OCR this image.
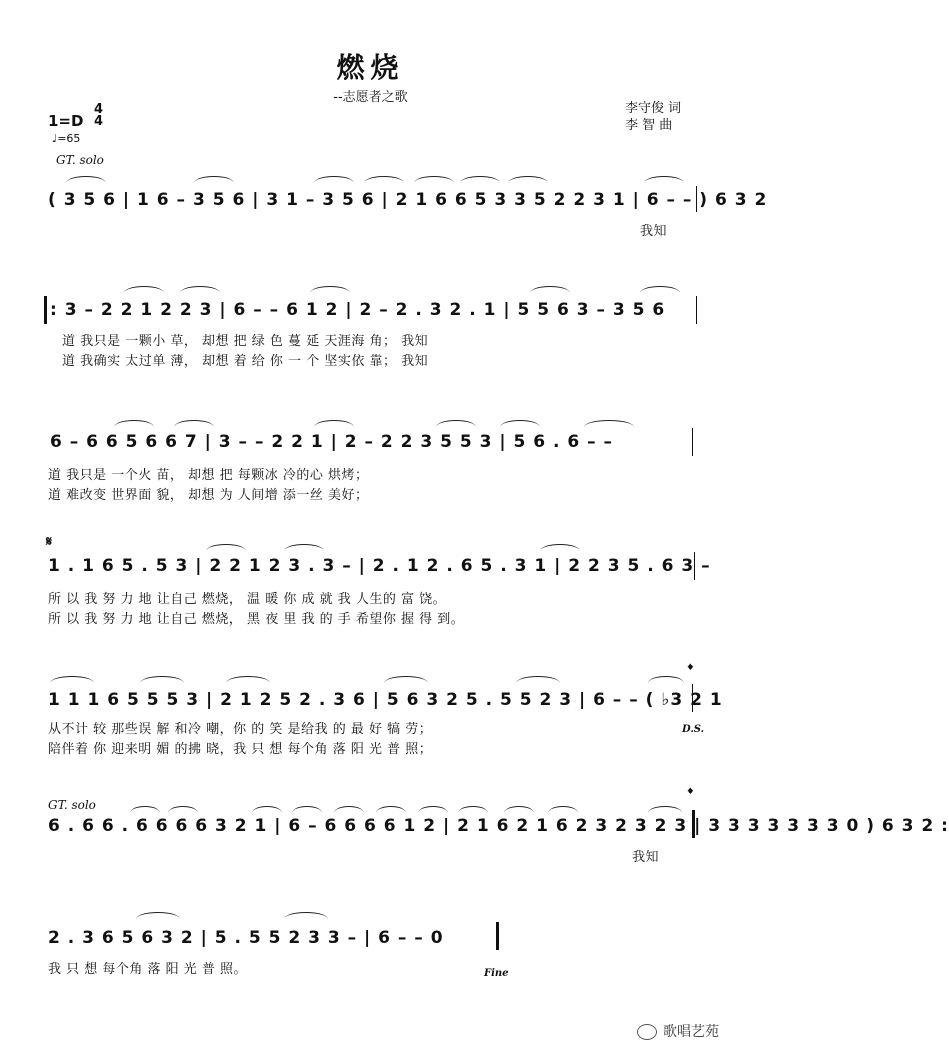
燃烧
--志愿者之歌
1=D
4
4
♩=65
李守俊 词
李 智 曲
GT. solo
( 3 5 6 | 1 6 – 3 5 6 | 3 1 – 3 5 6 | 2 1 6 6 5 3 3 5 2 2 3 1 | 6 – – ) 6 3 2
我知
: 3 – 2 2 1 2 2 3 | 6 – – 6 1 2 | 2 – 2 . 3 2 . 1 | 5 5 6 3 – 3 5 6
道 我只是 一颗小 草， 却想 把 绿 色 蔓 延 天涯海 角； 我知
道 我确实 太过单 薄， 却想 着 给 你 一 个 坚实依 靠； 我知
6 – 6 6 5 6 6 7 | 3 – – 2 2 1 | 2 – 2 2 3 5 5 3 | 5 6 . 6 – –
道 我只是 一个火 苗， 却想 把 每颗冰 冷的心 烘烤；
道 难改变 世界面 貌， 却想 为 人间增 添一丝 美好；
𝄋
1 . 1 6 5 . 5 3 | 2 2 1 2 3 . 3 – | 2 . 1 2 . 6 5 . 3 1 | 2 2 3 5 . 6 3 –
所 以 我 努 力 地 让自己 燃烧， 温 暖 你 成 就 我 人生的 富 饶。
所 以 我 努 力 地 让自己 燃烧， 黑 夜 里 我 的 手 希望你 握 得 到。
𝄌
1 1 1 6 5 5 5 3 | 2 1 2 5 2 . 3 6 | 5 6 3 2 5 . 5 5 2 3 | 6 – – ( ♭3 2 1
从不计 较 那些误 解 和冷 嘲，你 的 笑 是给我 的 最 好 犒 劳；
陪伴着 你 迎来明 媚 的拂 晓，我 只 想 每个角 落 阳 光 普 照；
D.S.
GT. solo
𝄌
6 . 6 6 . 6 6 6 6 3 2 1 | 6 – 6 6 6 6 1 2 | 2 1 6 2 1 6 2 3 2 3 2 3 | 3 3 3 3 3 3 3 0 ) 6 3 2 :
我知
2 . 3 6 5 6 3 2 | 5 . 5 5 2 3 3 – | 6 – – 0
我 只 想 每个角 落 阳 光 普 照。	Fine
歌唱艺苑
